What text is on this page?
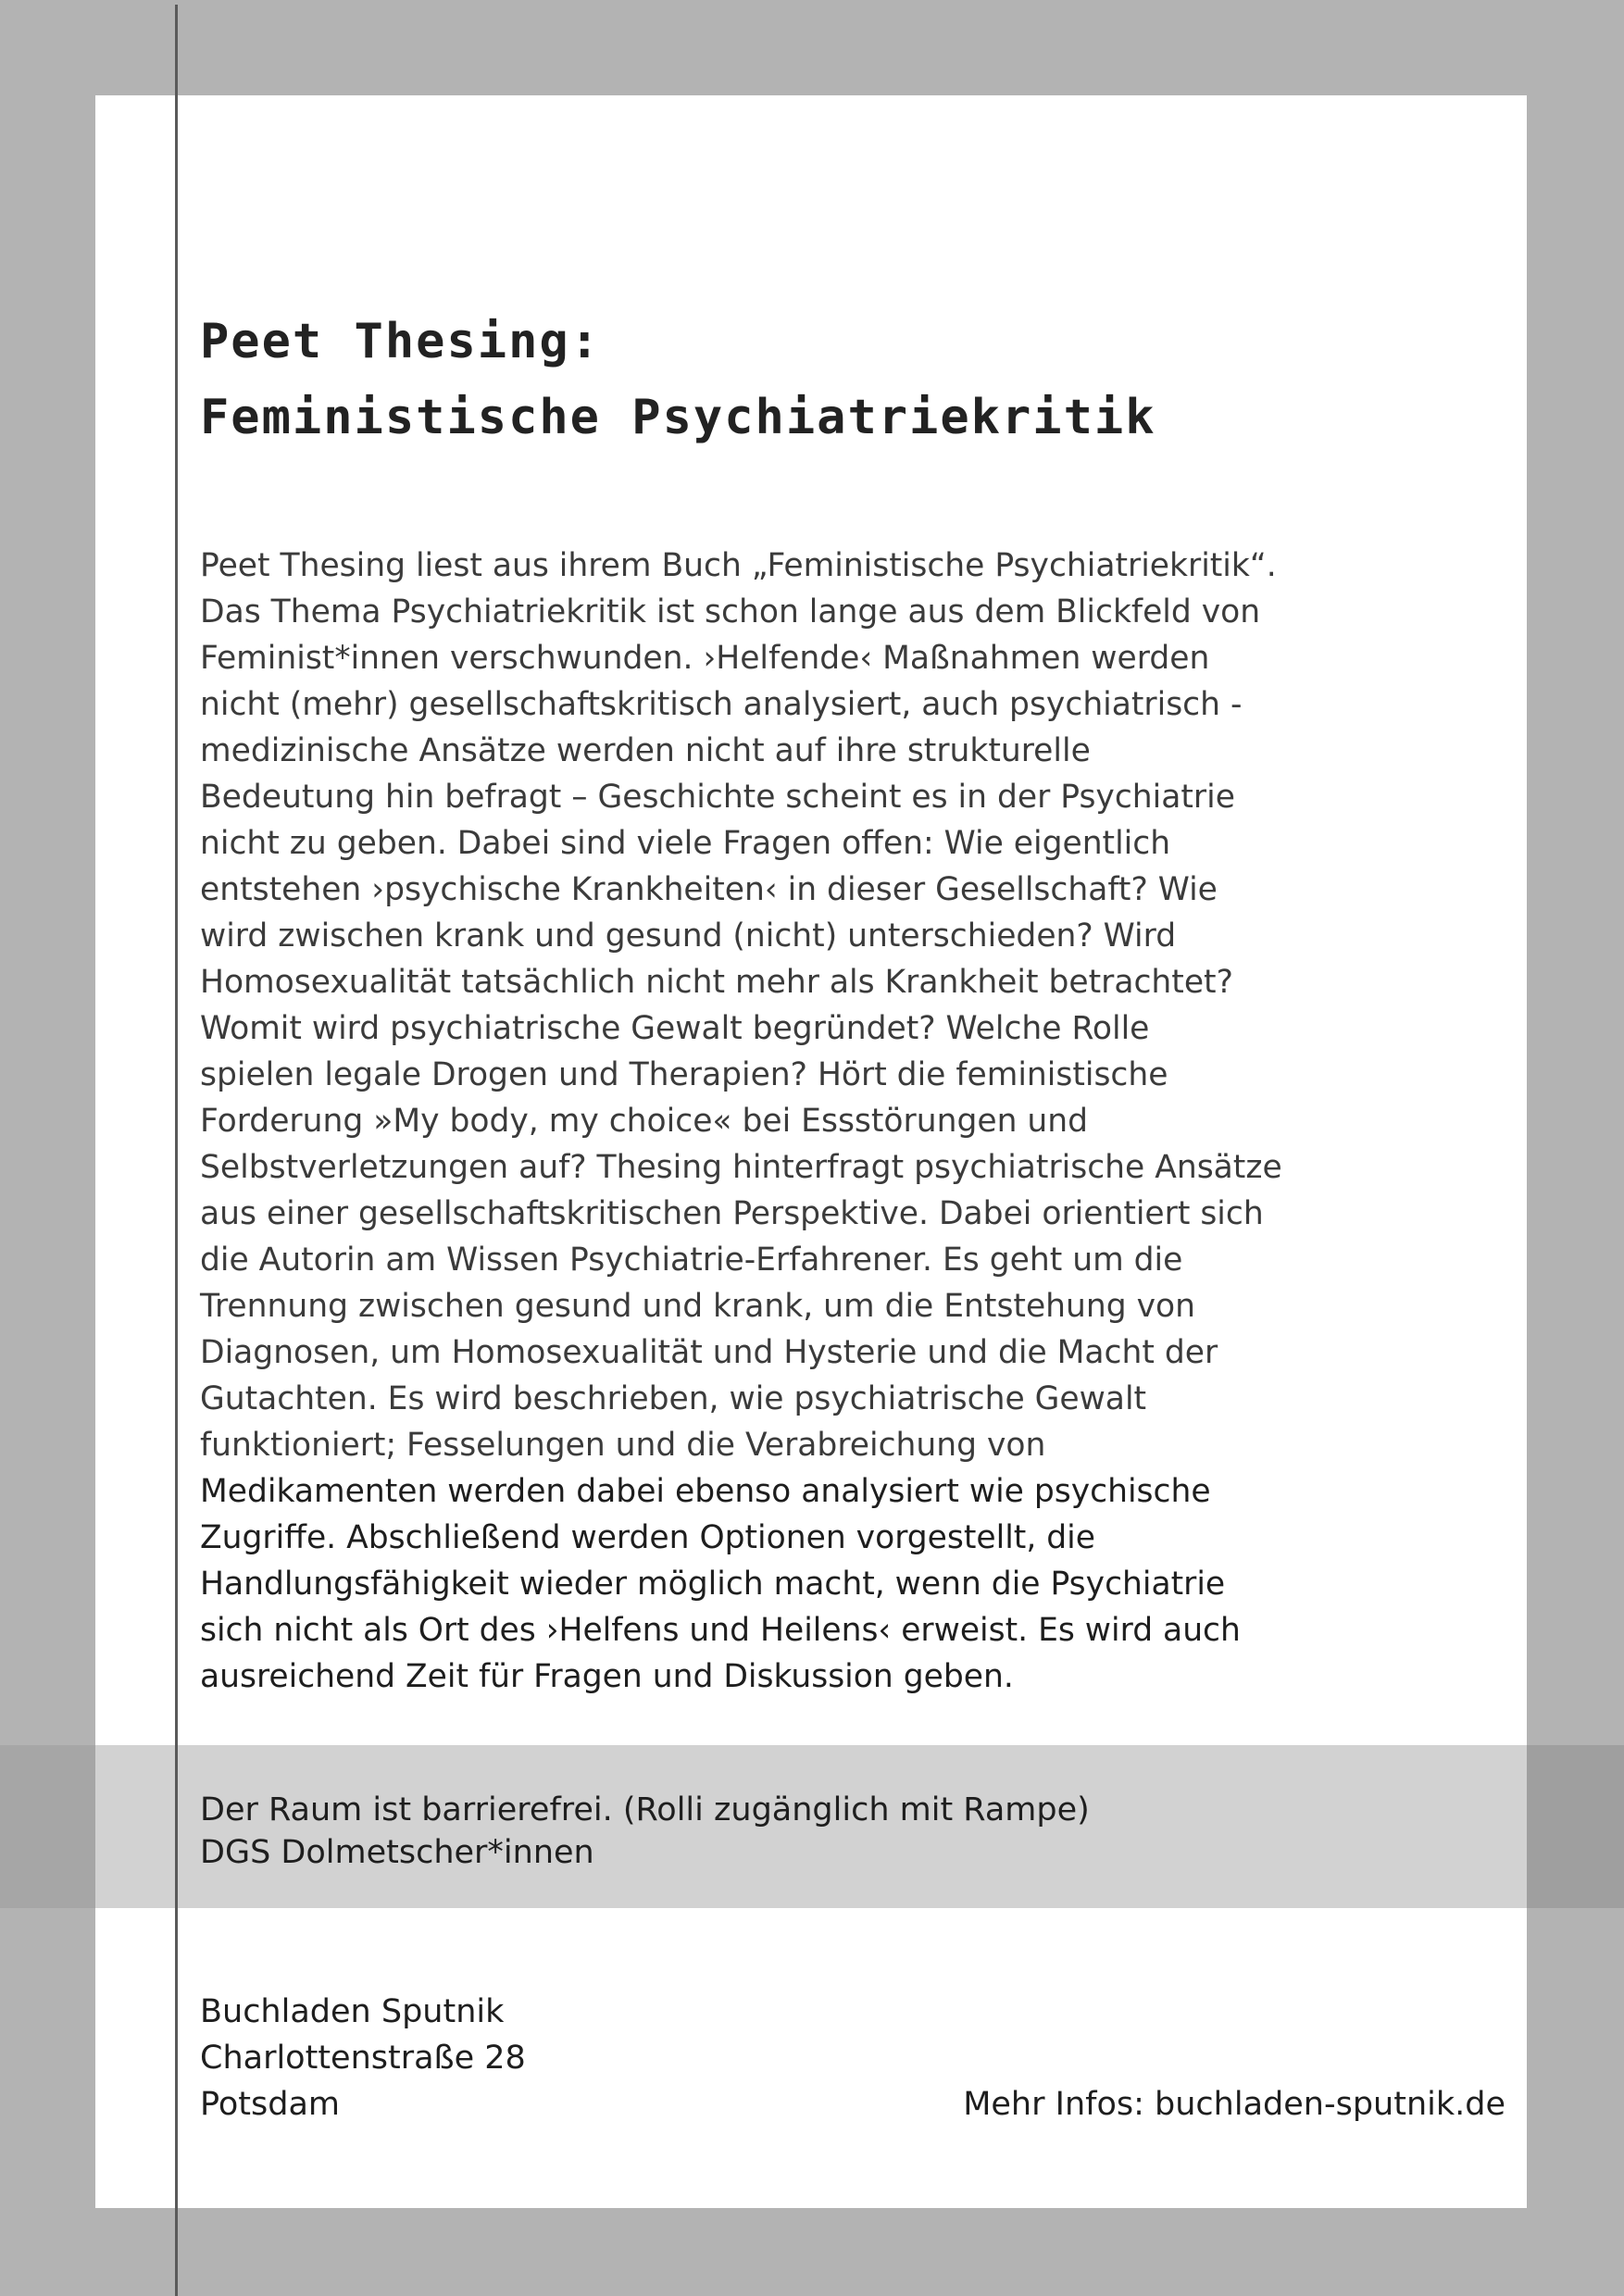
Peet Thesing:
Feministische Psychiatriekritik
Peet Thesing liest aus ihrem Buch „Feministische Psychiatriekritik“.
Das Thema Psychiatriekritik ist schon lange aus dem Blickfeld von
Feminist*innen verschwunden. ›Helfende‹ Maßnahmen werden
nicht (mehr) gesellschaftskritisch analysiert, auch psychiatrisch -
medizinische Ansätze werden nicht auf ihre strukturelle
Bedeutung hin befragt – Geschichte scheint es in der Psychiatrie
nicht zu geben. Dabei sind viele Fragen offen: Wie eigentlich
entstehen ›psychische Krankheiten‹ in dieser Gesellschaft? Wie
wird zwischen krank und gesund (nicht) unterschieden? Wird
Homosexualität tatsächlich nicht mehr als Krankheit betrachtet?
Womit wird psychiatrische Gewalt begründet? Welche Rolle
spielen legale Drogen und Therapien? Hört die feministische
Forderung »My body, my choice« bei Essstörungen und
Selbstverletzungen auf? Thesing hinterfragt psychiatrische Ansätze
aus einer gesellschaftskritischen Perspektive. Dabei orientiert sich
die Autorin am Wissen Psychiatrie-Erfahrener. Es geht um die
Trennung zwischen gesund und krank, um die Entstehung von
Diagnosen, um Homosexualität und Hysterie und die Macht der
Gutachten. Es wird beschrieben, wie psychiatrische Gewalt
funktioniert; Fesselungen und die Verabreichung von
Medikamenten werden dabei ebenso analysiert wie psychische
Zugriffe. Abschließend werden Optionen vorgestellt, die
Handlungsfähigkeit wieder möglich macht, wenn die Psychiatrie
sich nicht als Ort des ›Helfens und Heilens‹ erweist. Es wird auch
ausreichend Zeit für Fragen und Diskussion geben.
Der Raum ist barrierefrei. (Rolli zugänglich mit Rampe)
DGS Dolmetscher*innen
Buchladen Sputnik
Charlottenstraße 28
Potsdam	Mehr Infos: buchladen-sputnik.de
